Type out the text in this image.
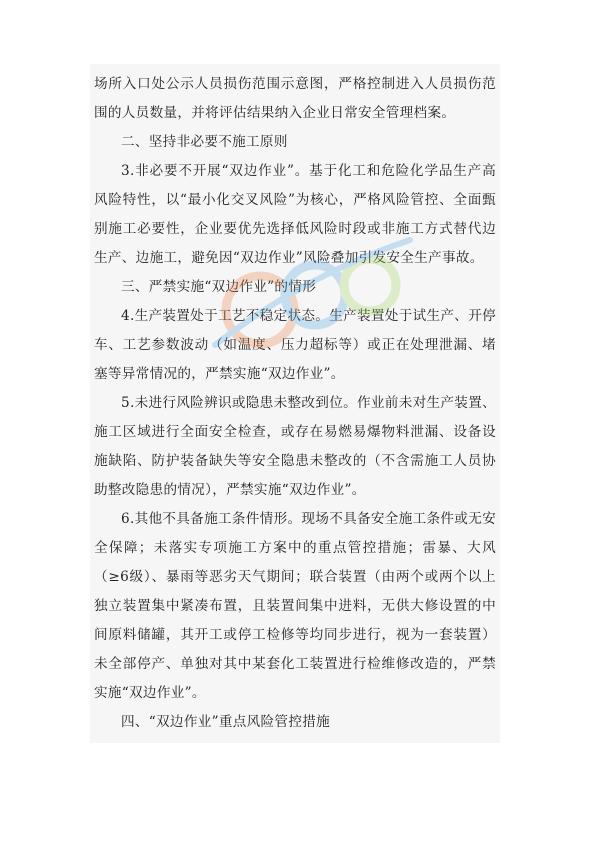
场所入口处公示人员损伤范围示意图，严格控制进入人员损伤范围的人员数量，并将评估结果纳入企业日常安全管理档案。

二、坚持非必要不施工原则

3.非必要不开展“双边作业”。基于化工和危险化学品生产高风险特性，以“最小化交叉风险”为核心，严格风险管控、全面甄别施工必要性，企业要优先选择低风险时段或非施工方式替代边生产、边施工，避免因“双边作业”风险叠加引发安全生产事故。

三、严禁实施“双边作业”的情形

4.生产装置处于工艺不稳定状态。生产装置处于试生产、开停车、工艺参数波动（如温度、压力超标等）或正在处理泄漏、堵塞等异常情况的，严禁实施“双边作业”。

5.未进行风险辨识或隐患未整改到位。作业前未对生产装置、施工区域进行全面安全检查，或存在易燃易爆物料泄漏、设备设施缺陷、防护装备缺失等安全隐患未整改的（不含需施工人员协助整改隐患的情况），严禁实施“双边作业”。

6.其他不具备施工条件情形。现场不具备安全施工条件或无安全保障；未落实专项施工方案中的重点管控措施；雷暴、大风（≥6级）、暴雨等恶劣天气期间；联合装置（由两个或两个以上独立装置集中紧凑布置，且装置间集中进料，无供大修设置的中间原料储罐，其开工或停工检修等均同步进行，视为一套装置）未全部停产、单独对其中某套化工装置进行检维修改造的，严禁实施“双边作业”。

四、“双边作业”重点风险管控措施
